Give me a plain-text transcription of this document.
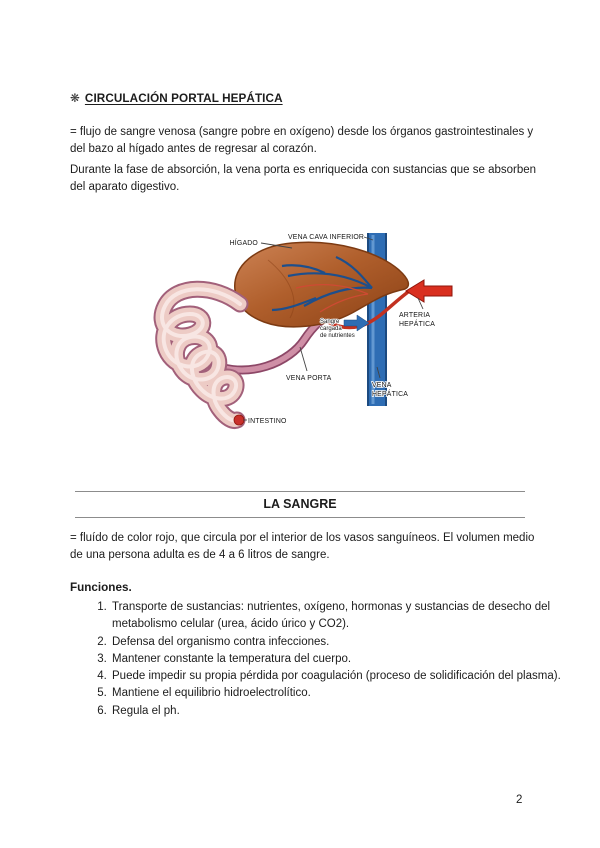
❋ CIRCULACIÓN PORTAL HEPÁTICA

= flujo de sangre venosa (sangre pobre en oxígeno) desde los órganos gastrointestinales y del bazo al hígado antes de regresar al corazón.

Durante la fase de absorción, la vena porta es enriquecida con sustancias que se absorben del aparato digestivo.

HÍGADO
VENA CAVA INFERIOR
ARTERIA
HEPÁTICA
Sangre
cargada
de nutrientes
VENA PORTA
VENA
HEPÁTICA
INTESTINO
LA SANGRE

= fluído de color rojo, que circula por el interior de los vasos sanguíneos. El volumen medio de una persona adulta es de 4 a 6 litros de sangre.

Funciones.
1. Transporte de sustancias: nutrientes, oxígeno, hormonas y sustancias de desecho del metabolismo celular (urea, ácido úrico y CO2).
2. Defensa del organismo contra infecciones.
3. Mantener constante la temperatura del cuerpo.
4. Puede impedir su propia pérdida por coagulación (proceso de solidificación del plasma).
5. Mantiene el equilibrio hidroelectrolítico.
6. Regula el ph.
2
